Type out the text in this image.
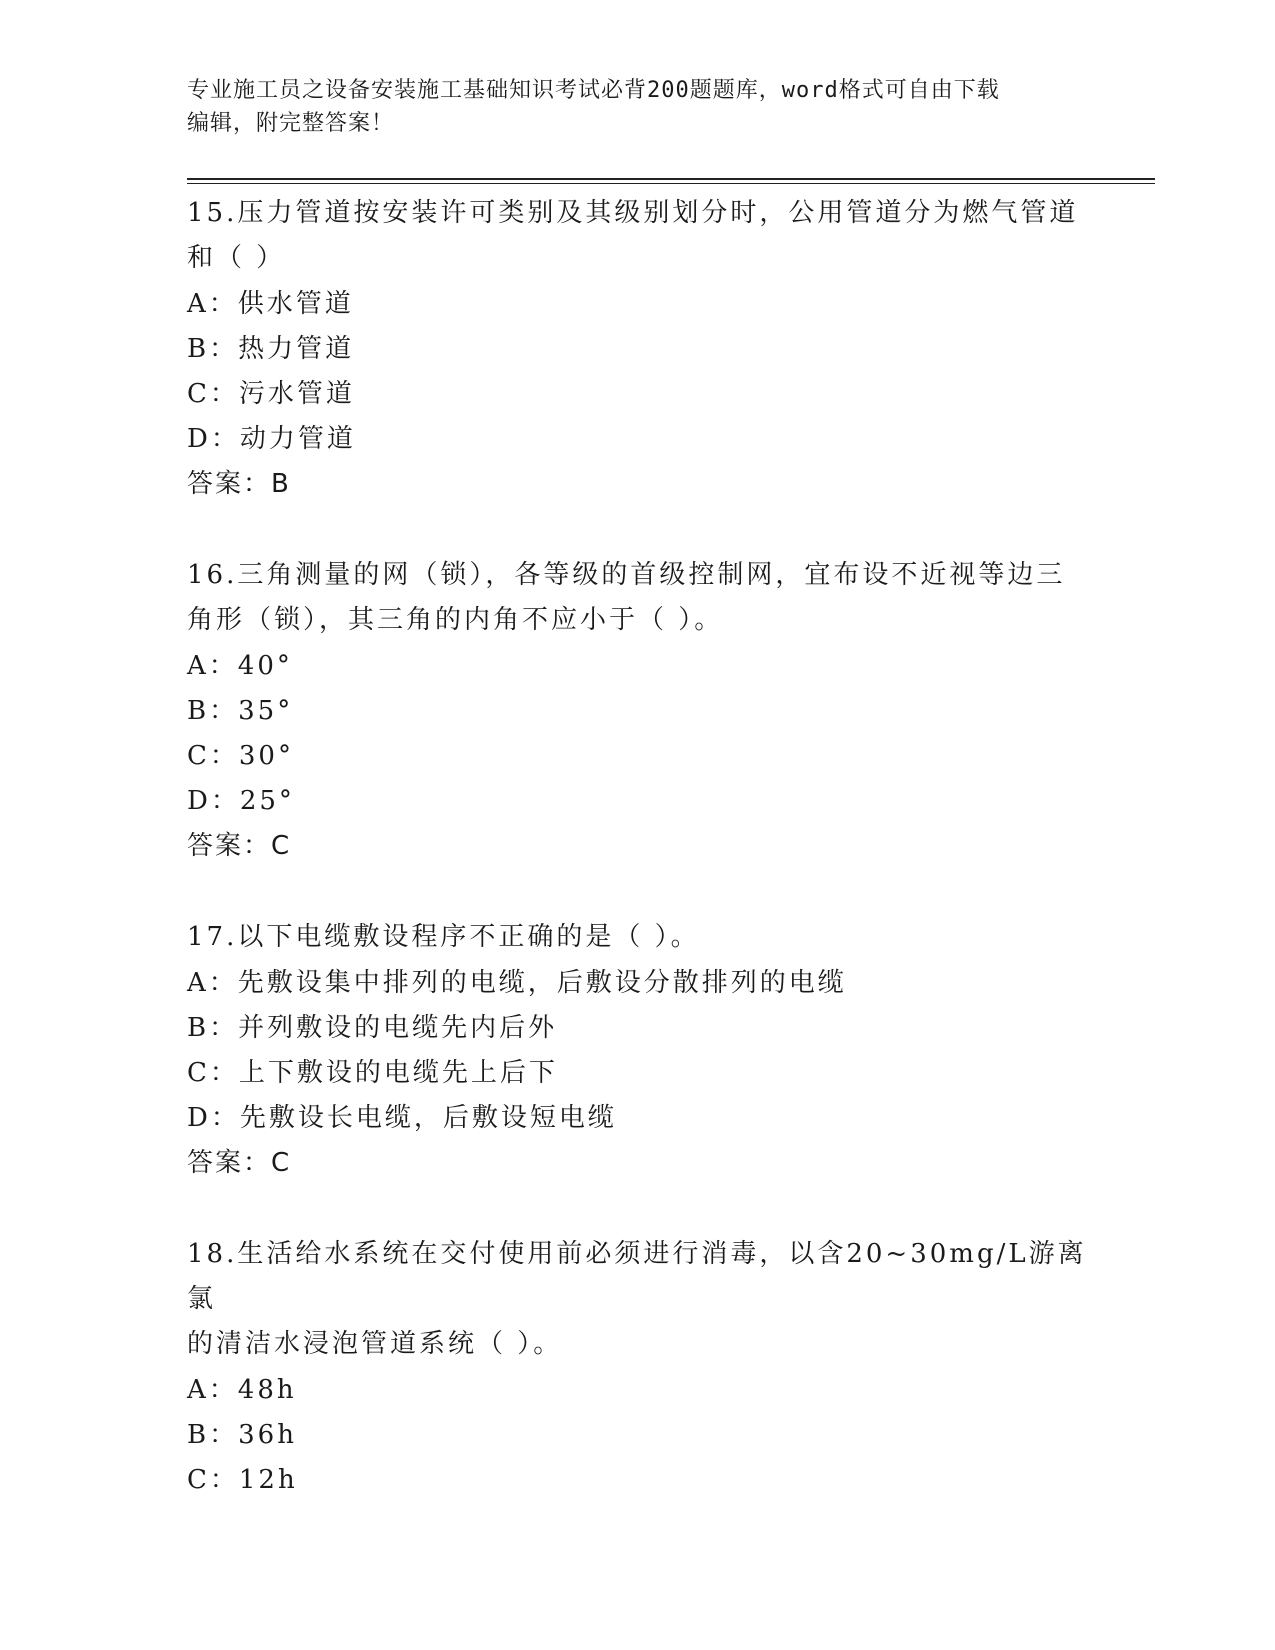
专业施工员之设备安装施工基础知识考试必背200题题库，word格式可自由下载
编辑，附完整答案！
15.压力管道按安装许可类别及其级别划分时，公用管道分为燃气管道
和（ ）
A：供水管道
B：热力管道
C：污水管道
D：动力管道
答案：B
16.三角测量的网（锁），各等级的首级控制网，宜布设不近视等边三
角形（锁），其三角的内角不应小于（ ）。
A：40°
B：35°
C：30°
D：25°
答案：C
17.以下电缆敷设程序不正确的是（ ）。
A：先敷设集中排列的电缆，后敷设分散排列的电缆
B：并列敷设的电缆先内后外
C：上下敷设的电缆先上后下
D：先敷设长电缆，后敷设短电缆
答案：C
18.生活给水系统在交付使用前必须进行消毒，以含20~30mg/L游离氯
的清洁水浸泡管道系统（ ）。
A：48h
B：36h
C：12h
